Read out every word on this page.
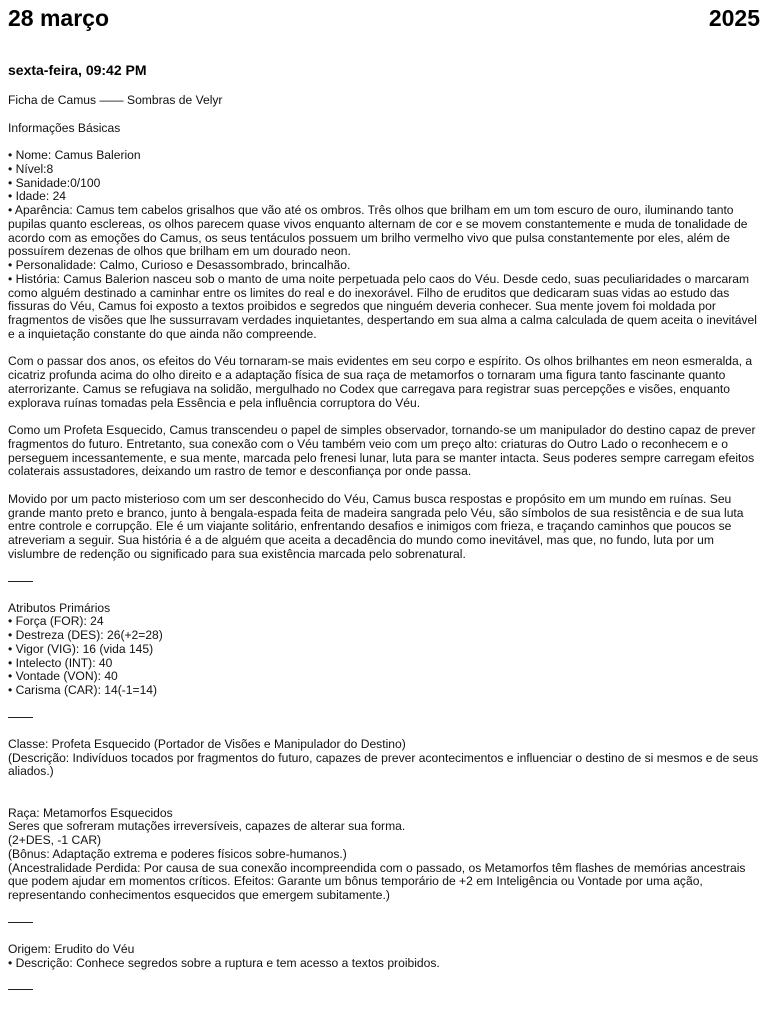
28 março	2025
sexta-feira, 09:42 PM

Ficha de Camus —— Sombras de Velyr

Informações Básicas

• Nome: Camus Balerion

• Nível:8

• Sanidade:0/100

• Idade: 24

• Aparência: Camus tem cabelos grisalhos que vão até os ombros. Três olhos que brilham em um tom escuro de ouro, iluminando tanto pupilas quanto esclereas, os olhos parecem quase vivos enquanto alternam de cor e se movem constantemente e muda de tonalidade de acordo com as emoções do Camus, os seus tentáculos possuem um brilho vermelho vivo que pulsa constantemente por eles, além de possuírem dezenas de olhos que brilham em um dourado neon.

• Personalidade: Calmo, Curioso e Desassombrado, brincalhão.

• História: Camus Balerion nasceu sob o manto de uma noite perpetuada pelo caos do Véu. Desde cedo, suas peculiaridades o marcaram como alguém destinado a caminhar entre os limites do real e do inexorável. Filho de eruditos que dedicaram suas vidas ao estudo das fissuras do Véu, Camus foi exposto a textos proibidos e segredos que ninguém deveria conhecer. Sua mente jovem foi moldada por fragmentos de visões que lhe sussurravam verdades inquietantes, despertando em sua alma a calma calculada de quem aceita o inevitável e a inquietação constante do que ainda não compreende.

Com o passar dos anos, os efeitos do Véu tornaram-se mais evidentes em seu corpo e espírito. Os olhos brilhantes em neon esmeralda, a cicatriz profunda acima do olho direito e a adaptação física de sua raça de metamorfos o tornaram uma figura tanto fascinante quanto aterrorizante. Camus se refugiava na solidão, mergulhado no Codex que carregava para registrar suas percepções e visões, enquanto explorava ruínas tomadas pela Essência e pela influência corruptora do Véu.

Como um Profeta Esquecido, Camus transcendeu o papel de simples observador, tornando-se um manipulador do destino capaz de prever fragmentos do futuro. Entretanto, sua conexão com o Véu também veio com um preço alto: criaturas do Outro Lado o reconhecem e o perseguem incessantemente, e sua mente, marcada pelo frenesi lunar, luta para se manter intacta. Seus poderes sempre carregam efeitos colaterais assustadores, deixando um rastro de temor e desconfiança por onde passa.

Movido por um pacto misterioso com um ser desconhecido do Véu, Camus busca respostas e propósito em um mundo em ruínas. Seu grande manto preto e branco, junto à bengala-espada feita de madeira sangrada pelo Véu, são símbolos de sua resistência e de sua luta entre controle e corrupção. Ele é um viajante solitário, enfrentando desafios e inimigos com frieza, e traçando caminhos que poucos se atreveriam a seguir. Sua história é a de alguém que aceita a decadência do mundo como inevitável, mas que, no fundo, luta por um vislumbre de redenção ou significado para sua existência marcada pelo sobrenatural.

Atributos Primários

• Força (FOR): 24

• Destreza (DES): 26(+2=28)

• Vigor (VIG): 16 (vida 145)

• Intelecto (INT): 40

• Vontade (VON): 40

• Carisma (CAR): 14(-1=14)

Classe: Profeta Esquecido (Portador de Visões e Manipulador do Destino)

(Descrição: Indivíduos tocados por fragmentos do futuro, capazes de prever acontecimentos e influenciar o destino de si mesmos e de seus aliados.)

Raça: Metamorfos Esquecidos

Seres que sofreram mutações irreversíveis, capazes de alterar sua forma.

(2+DES, -1 CAR)

(Bônus: Adaptação extrema e poderes físicos sobre-humanos.)

(Ancestralidade Perdida: Por causa de sua conexão incompreendida com o passado, os Metamorfos têm flashes de memórias ancestrais que podem ajudar em momentos críticos. Efeitos: Garante um bônus temporário de +2 em Inteligência ou Vontade por uma ação, representando conhecimentos esquecidos que emergem subitamente.)

Origem: Erudito do Véu

• Descrição: Conhece segredos sobre a ruptura e tem acesso a textos proibidos.
